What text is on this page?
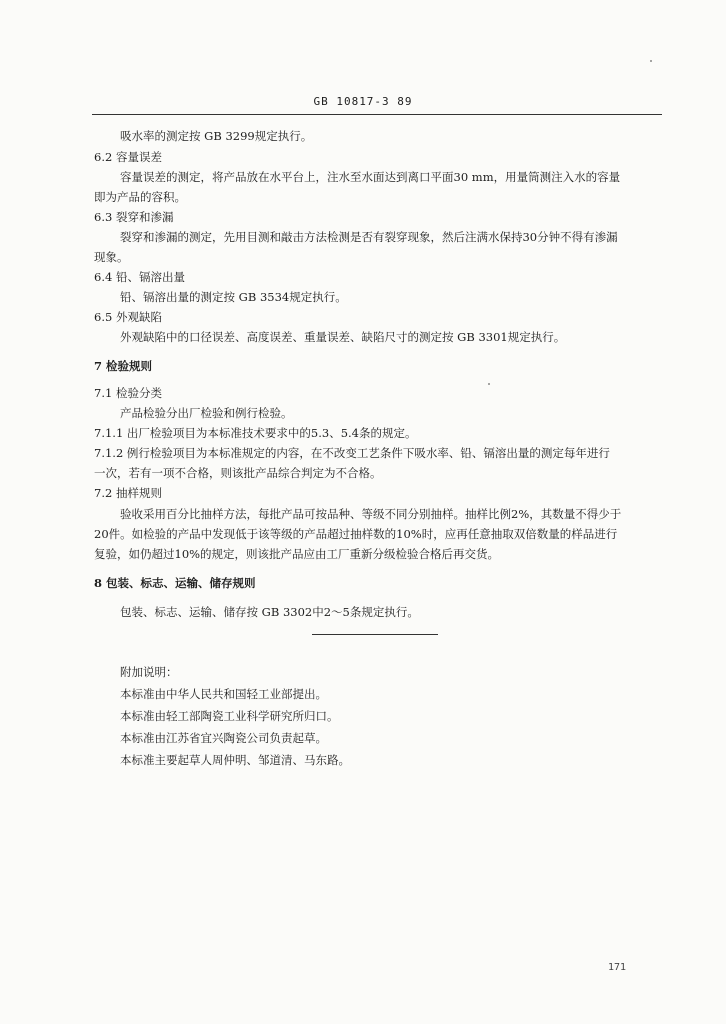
GB 10817-3 89
吸水率的测定按 GB 3299规定执行。
6.2 容量误差
容量误差的测定，将产品放在水平台上，注水至水面达到离口平面30 mm，用量筒测注入水的容量
即为产品的容积。
6.3 裂穿和渗漏
裂穿和渗漏的测定，先用目测和敲击方法检测是否有裂穿现象，然后注满水保持30分钟不得有渗漏
现象。
6.4 铅、镉溶出量
铅、镉溶出量的测定按 GB 3534规定执行。
6.5 外观缺陷
外观缺陷中的口径误差、高度误差、重量误差、缺陷尺寸的测定按 GB 3301规定执行。
7 检验规则
7.1 检验分类
产品检验分出厂检验和例行检验。
7.1.1 出厂检验项目为本标准技术要求中的5.3、5.4条的规定。
7.1.2 例行检验项目为本标准规定的内容，在不改变工艺条件下吸水率、铅、镉溶出量的测定每年进行
一次，若有一项不合格，则该批产品综合判定为不合格。
7.2 抽样规则
验收采用百分比抽样方法，每批产品可按品种、等级不同分别抽样。抽样比例2%，其数量不得少于
20件。如检验的产品中发现低于该等级的产品超过抽样数的10%时，应再任意抽取双倍数量的样品进行
复验，如仍超过10%的规定，则该批产品应由工厂重新分级检验合格后再交货。
8 包装、标志、运输、储存规则
包装、标志、运输、储存按 GB 3302中2～5条规定执行。
附加说明：
本标准由中华人民共和国轻工业部提出。
本标准由轻工部陶瓷工业科学研究所归口。
本标准由江苏省宜兴陶瓷公司负责起草。
本标准主要起草人周仲明、邹道清、马东路。
171
